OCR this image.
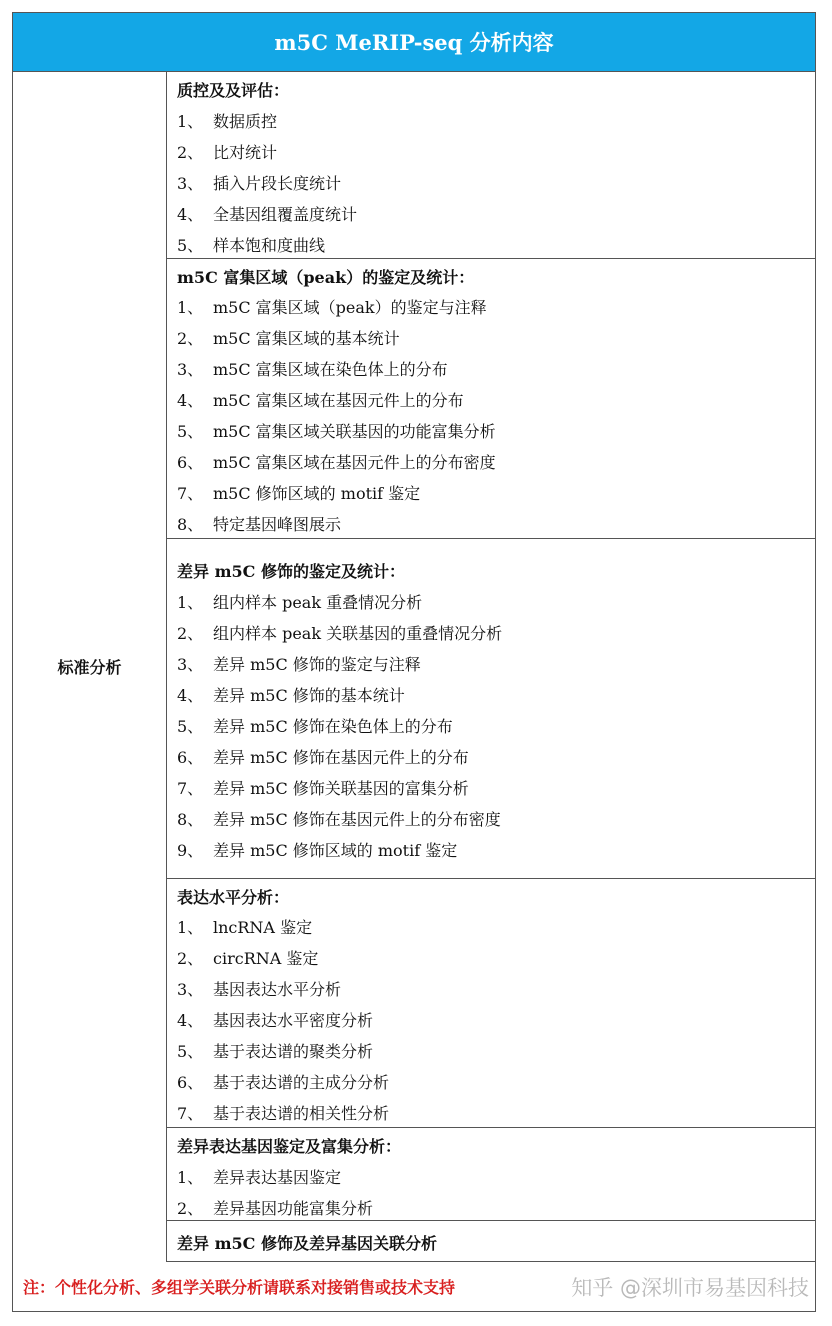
m5C MeRIP-seq 分析内容
标准分析
质控及及评估：
1、 数据质控
2、 比对统计
3、 插入片段长度统计
4、 全基因组覆盖度统计
5、 样本饱和度曲线
m5C 富集区域（peak）的鉴定及统计：
1、 m5C 富集区域（peak）的鉴定与注释
2、 m5C 富集区域的基本统计
3、 m5C 富集区域在染色体上的分布
4、 m5C 富集区域在基因元件上的分布
5、 m5C 富集区域关联基因的功能富集分析
6、 m5C 富集区域在基因元件上的分布密度
7、 m5C 修饰区域的 motif 鉴定
8、 特定基因峰图展示
差异 m5C 修饰的鉴定及统计：
1、 组内样本 peak 重叠情况分析
2、 组内样本 peak 关联基因的重叠情况分析
3、 差异 m5C 修饰的鉴定与注释
4、 差异 m5C 修饰的基本统计
5、 差异 m5C 修饰在染色体上的分布
6、 差异 m5C 修饰在基因元件上的分布
7、 差异 m5C 修饰关联基因的富集分析
8、 差异 m5C 修饰在基因元件上的分布密度
9、 差异 m5C 修饰区域的 motif 鉴定
表达水平分析：
1、 lncRNA 鉴定
2、 circRNA 鉴定
3、 基因表达水平分析
4、 基因表达水平密度分析
5、 基于表达谱的聚类分析
6、 基于表达谱的主成分分析
7、 基于表达谱的相关性分析
差异表达基因鉴定及富集分析：
1、 差异表达基因鉴定
2、 差异基因功能富集分析
差异 m5C 修饰及差异基因关联分析
注：个性化分析、多组学关联分析请联系对接销售或技术支持	知乎 @深圳市易基因科技
